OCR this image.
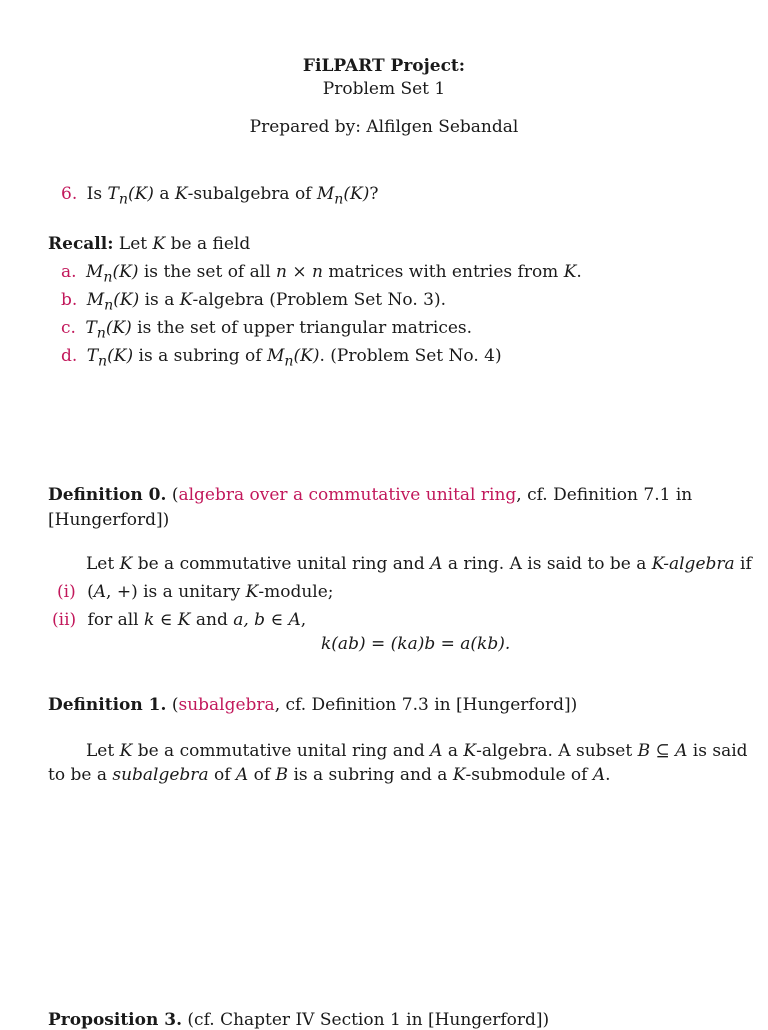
FiLPART Project:
Problem Set 1
Prepared by: Alfilgen Sebandal
6. Is $T_n(K)$ a K-subalgebra of $M_n(K)$?
Recall: Let K be a field
a. $M_n(K)$ is the set of all n × n matrices with entries from K.
b. $M_n(K)$ is a K-algebra (Problem Set No. 3).
c. $T_n(K)$ is the set of upper triangular matrices.
d. $T_n(K)$ is a subring of $M_n(K)$. (Problem Set No. 4)
Definition 0. (algebra over a commutative unital ring, cf. Definition 7.1 in
[Hungerford])
Let K be a commutative unital ring and A a ring. A is said to be a K-algebra if
(i) (A, +) is a unitary K-module;
(ii) for all k ∈ K and a, b ∈ A,
k(ab) = (ka)b = a(kb).
Definition 1. (subalgebra, cf. Definition 7.3 in [Hungerford])
Let K be a commutative unital ring and A a K-algebra. A subset B ⊆ A is said
to be a subalgebra of A of B is a subring and a K-submodule of A.
Proposition 3. (cf. Chapter IV Section 1 in [Hungerford])
